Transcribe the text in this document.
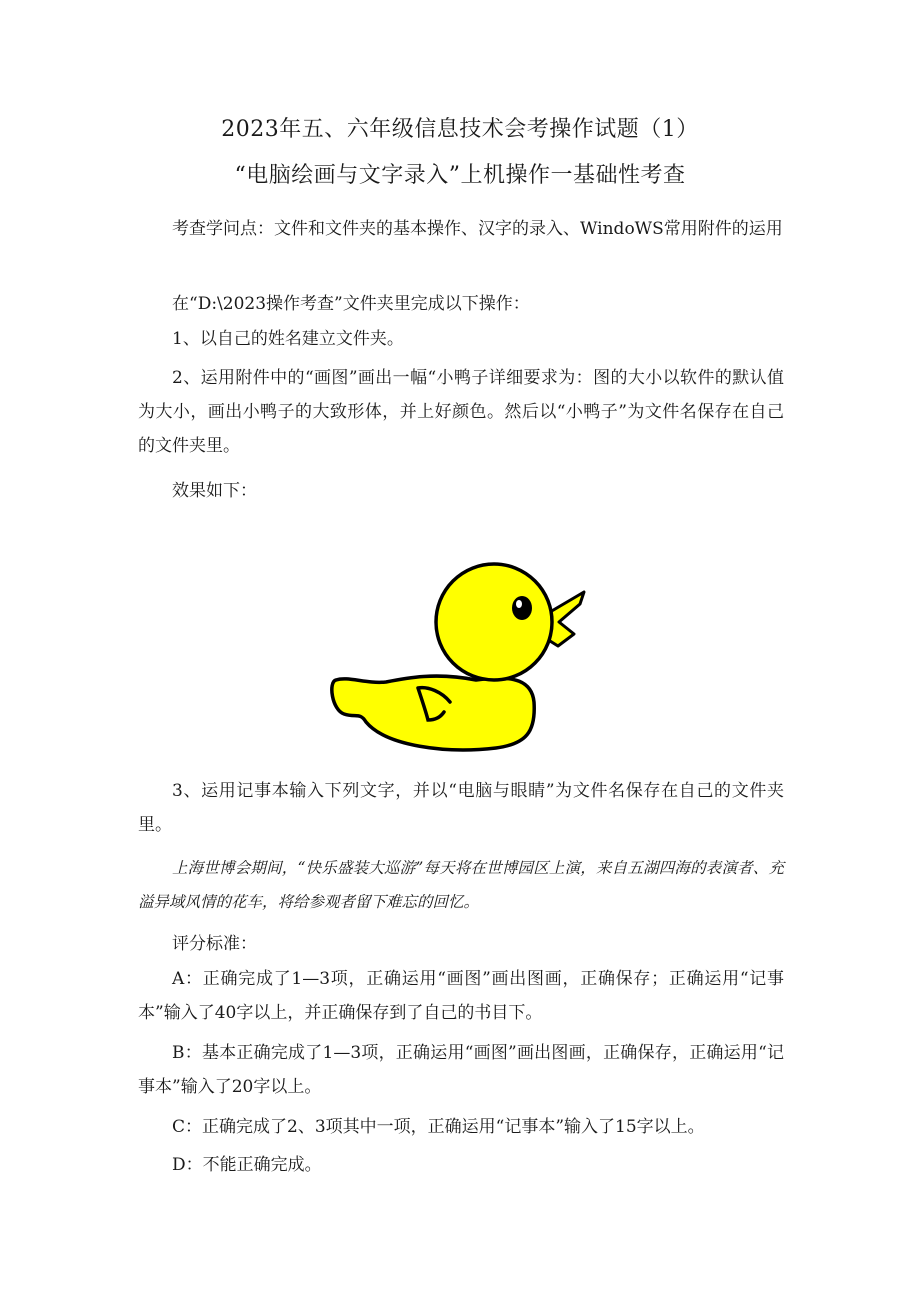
2023年五、六年级信息技术会考操作试题（1）
“电脑绘画与文字录入”上机操作一基础性考查

考查学问点：文件和文件夹的基本操作、汉字的录入、WindoWS常用附件的运用

在“D:\2023操作考查”文件夹里完成以下操作：

1、以自己的姓名建立文件夹。

2、运用附件中的“画图”画出一幅“小鸭子详细要求为：图的大小以软件的默认值为大小，画出小鸭子的大致形体，并上好颜色。然后以“小鸭子”为文件名保存在自己的文件夹里。

效果如下：

3、运用记事本输入下列文字，并以“电脑与眼睛”为文件名保存在自己的文件夹里。

上海世博会期间，“快乐盛装大巡游”每天将在世博园区上演，来自五湖四海的表演者、充溢异域风情的花车，将给参观者留下难忘的回忆。

评分标准：

A：正确完成了1—3项，正确运用“画图”画出图画，正确保存；正确运用“记事本”输入了40字以上，并正确保存到了自己的书目下。

B：基本正确完成了1—3项，正确运用“画图”画出图画，正确保存，正确运用“记事本”输入了20字以上。

C：正确完成了2、3项其中一项，正确运用“记事本”输入了15字以上。

D：不能正确完成。
